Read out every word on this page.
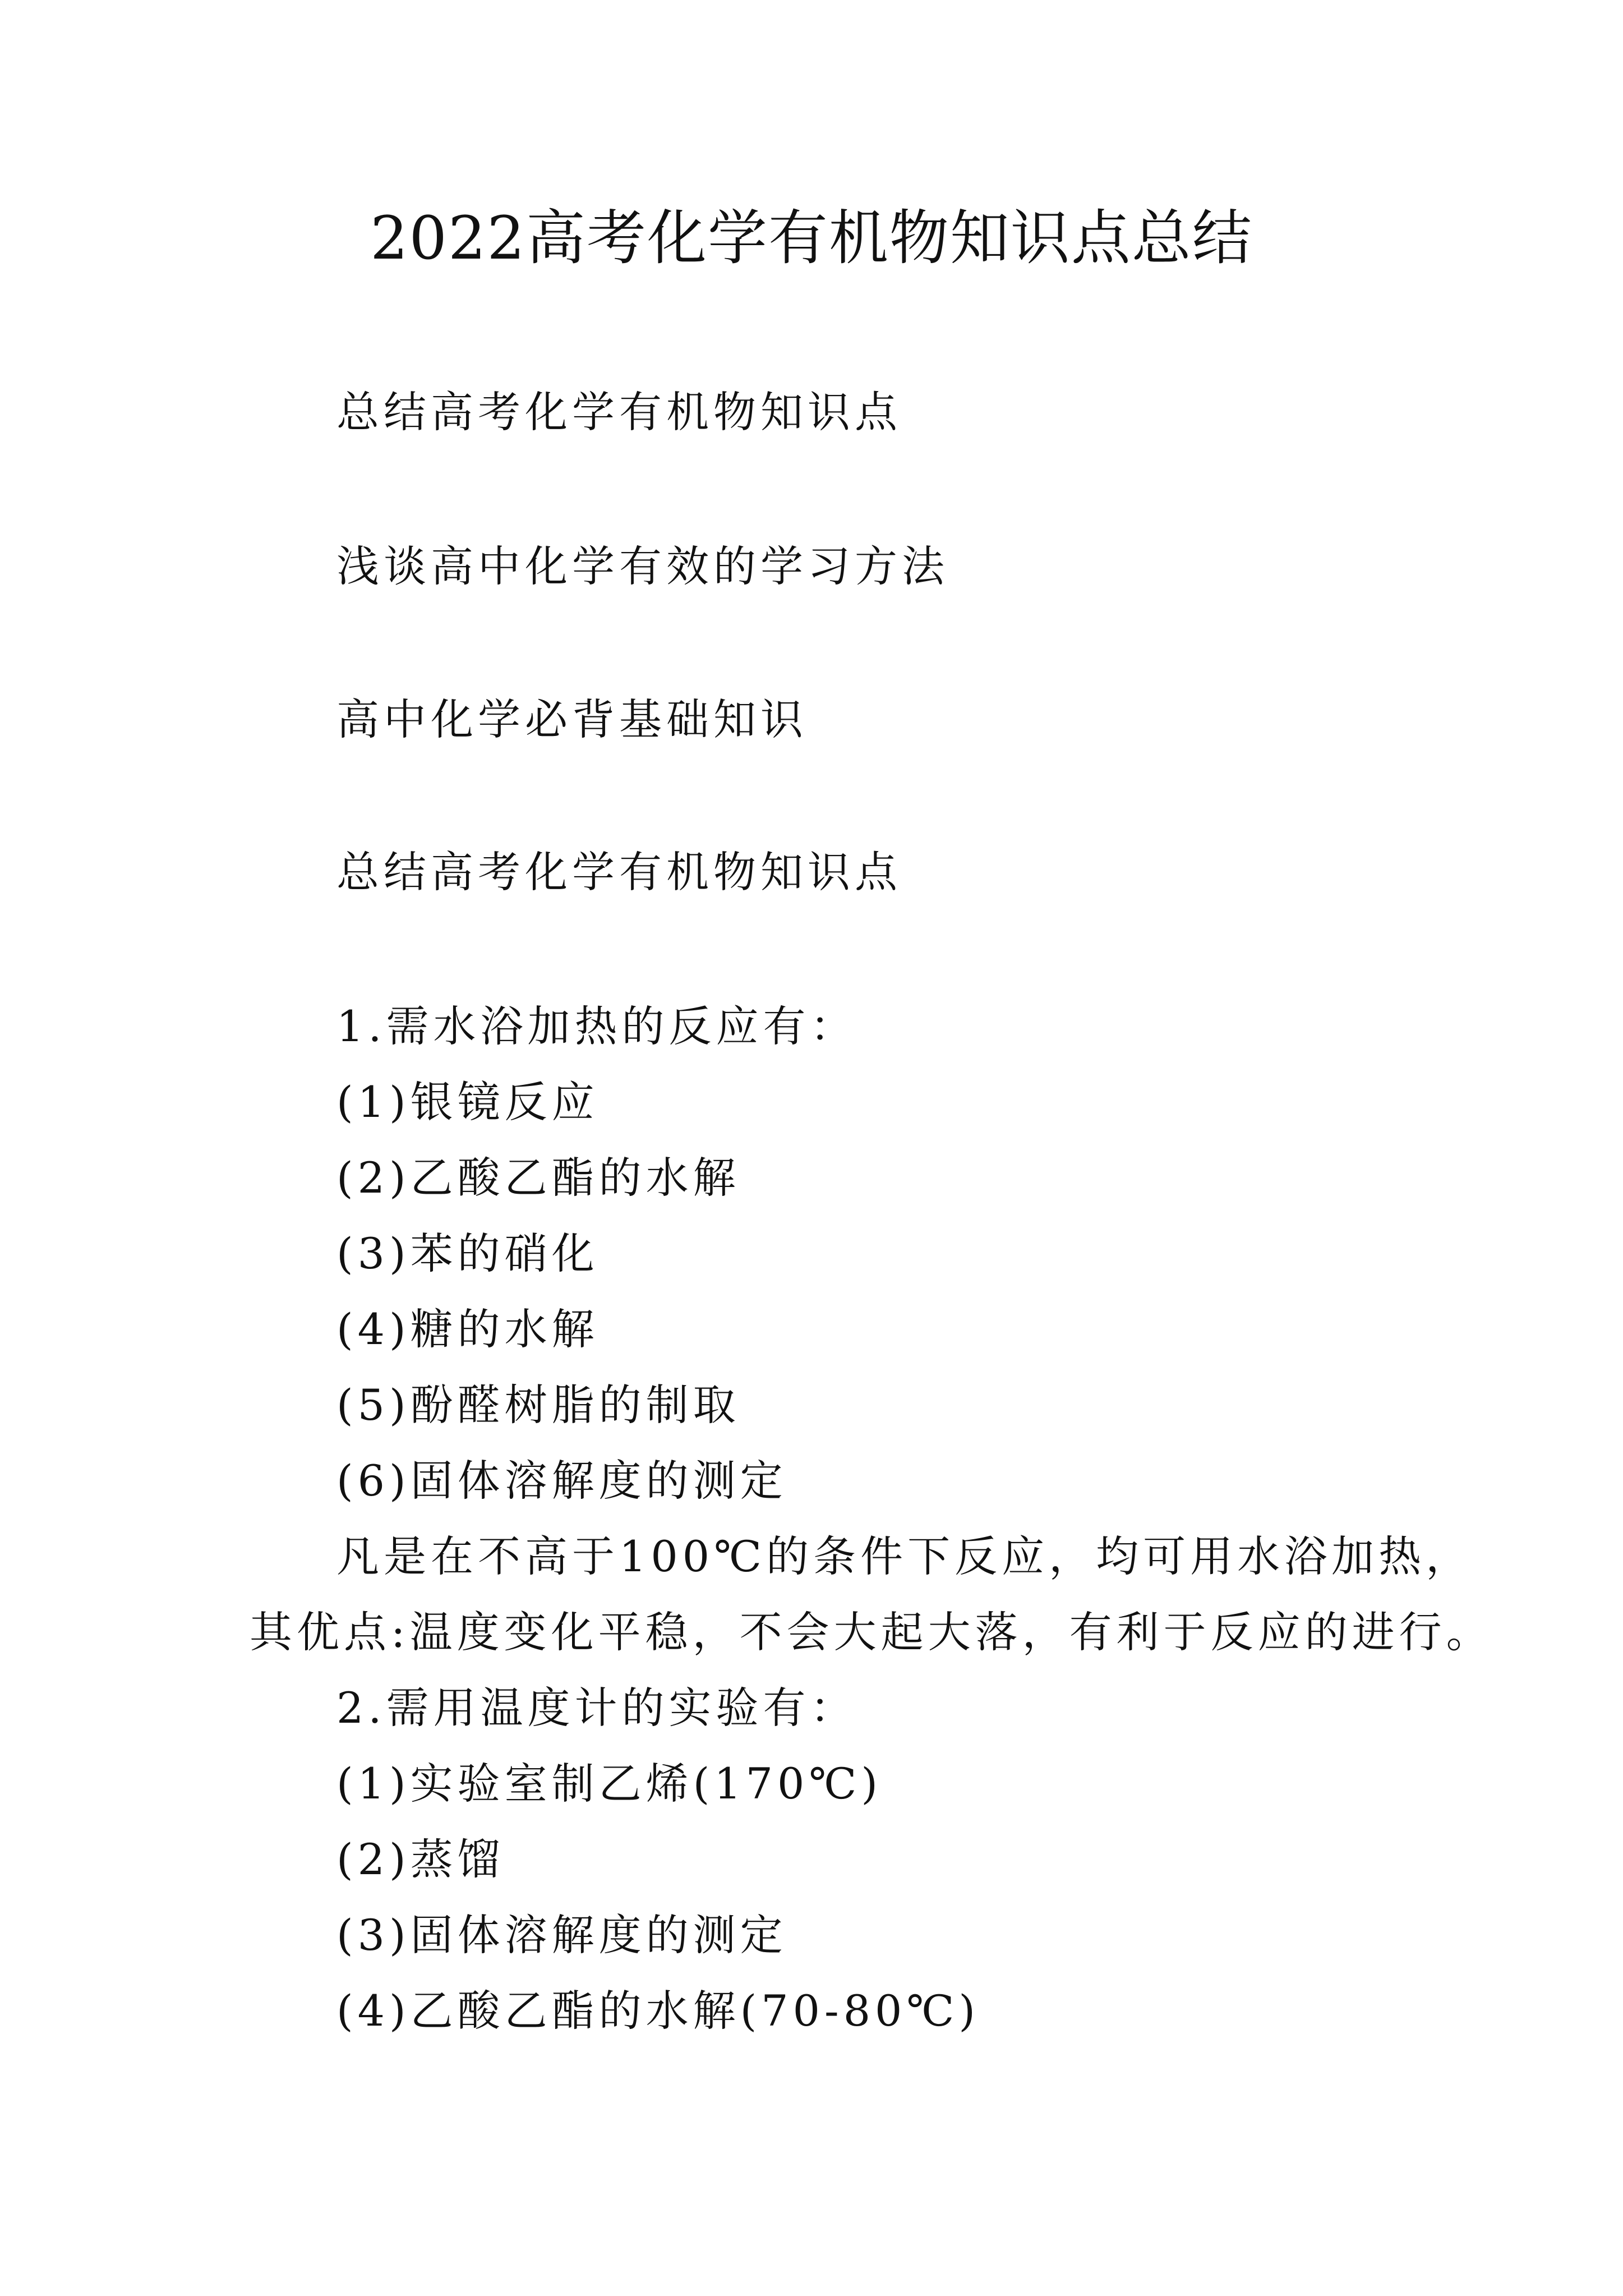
2022高考化学有机物知识点总结
总结高考化学有机物知识点
浅谈高中化学有效的学习方法
高中化学必背基础知识
总结高考化学有机物知识点
1.需水浴加热的反应有：
(1)银镜反应
(2)乙酸乙酯的水解
(3)苯的硝化
(4)糖的水解
(5)酚醛树脂的制取
(6)固体溶解度的测定
凡是在不高于100℃的条件下反应，均可用水浴加热，
其优点:温度变化平稳，不会大起大落，有利于反应的进行。
2.需用温度计的实验有：
(1)实验室制乙烯(170℃)
(2)蒸馏
(3)固体溶解度的测定
(4)乙酸乙酯的水解(70-80℃)
